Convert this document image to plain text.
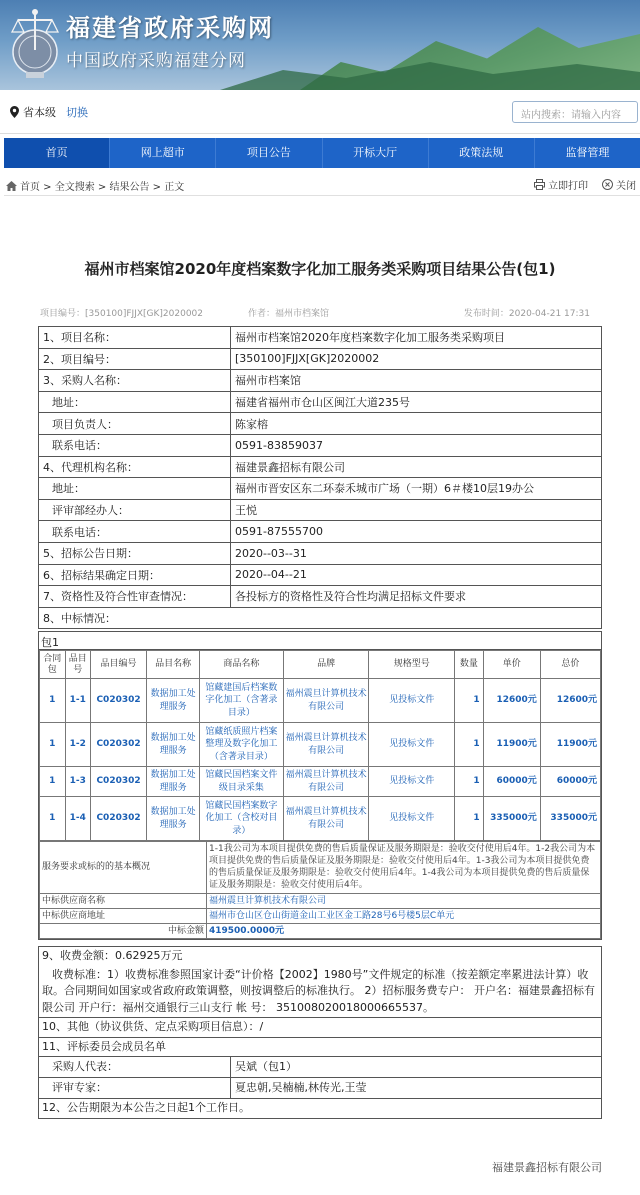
福建省政府采购网
中国政府采购福建分网
省本级 切换	站内搜索：请输入内容
首页	网上超市	项目公告	开标大厅	政策法规	监督管理
首页 > 全文搜索 > 结果公告 > 正文	立即打印	关闭
福州市档案馆2020年度档案数字化加工服务类采购项目结果公告(包1)
项目编号：[350100]FJJX[GK]2020002	作者：福州市档案馆	发布时间：2020-04-21 17:31
1、项目名称：	福州市档案馆2020年度档案数字化加工服务类采购项目
2、项目编号：	[350100]FJJX[GK]2020002
3、采购人名称：	福州市档案馆
地址：	福建省福州市仓山区闽江大道235号
项目负责人：	陈家榕
联系电话：	0591-83859037
4、代理机构名称：	福建景鑫招标有限公司
地址：	福州市晋安区东二环泰禾城市广场（一期）6＃楼10层19办公
评审部经办人：	王悦
联系电话：	0591-87555700
5、招标公告日期：	2020--03--31
6、招标结果确定日期：	2020--04--21
7、资格性及符合性审查情况：	各投标方的资格性及符合性均满足招标文件要求
8、中标情况：	
包1
合同包	品目号	品目编号	品目名称	商品名称	品牌	规格型号	数量	单价	总价
1	1-1	C020302	数据加工处理服务	馆藏建国后档案数字化加工（含著录目录）	福州震旦计算机技术有限公司	见投标文件	1	12600元	12600元
1	1-2	C020302	数据加工处理服务	馆藏纸质照片档案整理及数字化加工（含著录目录）	福州震旦计算机技术有限公司	见投标文件	1	11900元	11900元
1	1-3	C020302	数据加工处理服务	馆藏民国档案文件级目录采集	福州震旦计算机技术有限公司	见投标文件	1	60000元	60000元
1	1-4	C020302	数据加工处理服务	馆藏民国档案数字化加工（含校对目录）	福州震旦计算机技术有限公司	见投标文件	1	335000元	335000元
服务要求或标的的基本概况	1-1我公司为本项目提供免费的售后质量保证及服务期限是：验收交付使用后4年。1-2我公司为本项目提供免费的售后质量保证及服务期限是：验收交付使用后4年。1-3我公司为本项目提供免费的售后质量保证及服务期限是：验收交付使用后4年。1-4我公司为本项目提供免费的售后质量保证及服务期限是：验收交付使用后4年。
中标供应商名称	福州震旦计算机技术有限公司
中标供应商地址	福州市仓山区仓山街道金山工业区金工路28号6号楼5层C单元
中标金额	419500.0000元
9、收费金额：0.62925万元
收费标准：1）收费标准参照国家计委“计价格【2002】1980号”文件规定的标准（按差额定率累进法计算）收取。合同期间如国家或省政府政策调整，则按调整后的标准执行。 2）招标服务费专户： 开户名：福建景鑫招标有限公司 开户行：福州交通银行三山支行 帐 号： 35100802001800066553​7。
10、其他（协议供货、定点采购项目信息）：/
11、评标委员会成员名单
采购人代表：	吴斌（包1）
评审专家：	夏忠朝,吴楠楠,林传光,王莹
12、公告期限为本公告之日起1个工作日。
福建景鑫招标有限公司
